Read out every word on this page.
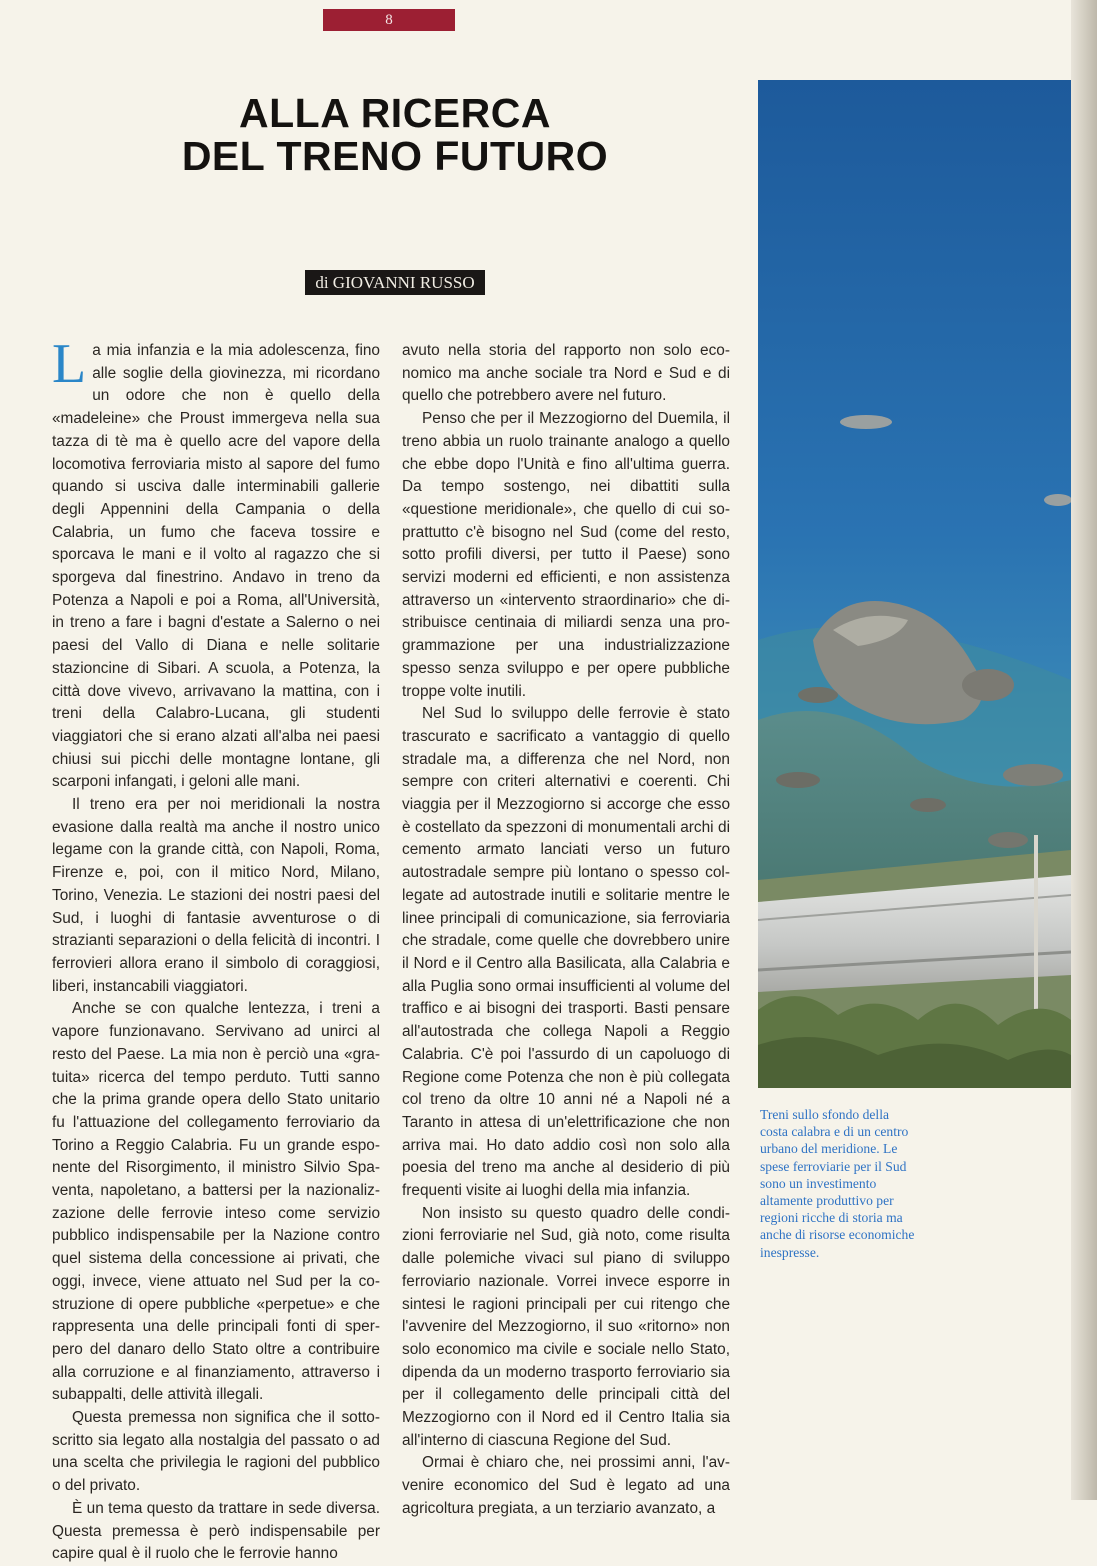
8
ALLA RICERCA
DEL TRENO FUTURO
di GIOVANNI RUSSO

La mia infanzia e la mia adolescenza, fino alle soglie della giovinezza, mi ricordano un odore che non è quello della «madeleine» che Proust immergeva nella sua tazza di tè ma è quello acre del vapore della locomotiva ferroviaria misto al sapore del fumo quando si usciva dalle interminabili gallerie degli Appennini della Campania o della Calabria, un fumo che faceva tossire e sporcava le mani e il volto al ragazzo che si sporgeva dal finestrino. Andavo in treno da Potenza a Napoli e poi a Roma, all'Università, in treno a fare i bagni d'estate a Salerno o nei paesi del Vallo di Diana e nelle solitarie stazioncine di Sibari. A scuola, a Potenza, la città dove vivevo, arrivavano la mattina, con i treni della Calabro-Lucana, gli studenti viaggiatori che si erano alzati all'alba nei paesi chiusi sui picchi delle montagne lontane, gli scarponi infangati, i geloni alle mani.

Il treno era per noi meridionali la nostra evasione dalla realtà ma anche il nostro unico legame con la grande città, con Napoli, Roma, Firenze e, poi, con il mitico Nord, Milano, Torino, Venezia. Le stazioni dei nostri paesi del Sud, i luoghi di fantasie avventurose o di strazianti separazioni o della felicità di incontri. I ferrovieri allora erano il simbolo di coraggiosi, liberi, instancabili viaggiatori.

Anche se con qualche lentezza, i treni a vapore funzionavano. Servivano ad unirci al resto del Paese. La mia non è perciò una «gratuita» ricerca del tempo perduto. Tutti sanno che la prima grande opera dello Stato unitario fu l'attuazione del collegamento ferroviario da Torino a Reggio Calabria. Fu un grande esponente del Risorgimento, il ministro Silvio Spaventa, napoletano, a battersi per la nazionalizzazione delle ferrovie inteso come servizio pubblico indispensabile per la Nazione contro quel sistema della concessione ai privati, che oggi, invece, viene attuato nel Sud per la costruzione di opere pubbliche «perpetue» e che rappresenta una delle principali fonti di sperpero del danaro dello Stato oltre a contribuire alla corruzione e al finanziamento, attraverso i subappalti, delle attività illegali.

Questa premessa non significa che il sottoscritto sia legato alla nostalgia del passato o ad una scelta che privilegia le ragioni del pubblico o del privato.

È un tema questo da trattare in sede diversa. Questa premessa è però indispensabile per capire qual è il ruolo che le ferrovie hanno

avuto nella storia del rapporto non solo economico ma anche sociale tra Nord e Sud e di quello che potrebbero avere nel futuro.

Penso che per il Mezzogiorno del Duemila, il treno abbia un ruolo trainante analogo a quello che ebbe dopo l'Unità e fino all'ultima guerra. Da tempo sostengo, nei dibattiti sulla «questione meridionale», che quello di cui soprattutto c'è bisogno nel Sud (come del resto, sotto profili diversi, per tutto il Paese) sono servizi moderni ed efficienti, e non assistenza attraverso un «intervento straordinario» che distribuisce centinaia di miliardi senza una programmazione per una industrializzazione spesso senza sviluppo e per opere pubbliche troppe volte inutili.

Nel Sud lo sviluppo delle ferrovie è stato trascurato e sacrificato a vantaggio di quello stradale ma, a differenza che nel Nord, non sempre con criteri alternativi e coerenti. Chi viaggia per il Mezzogiorno si accorge che esso è costellato da spezzoni di monumentali archi di cemento armato lanciati verso un futuro autostradale sempre più lontano o spesso collegate ad autostrade inutili e solitarie mentre le linee principali di comunicazione, sia ferroviaria che stradale, come quelle che dovrebbero unire il Nord e il Centro alla Basilicata, alla Calabria e alla Puglia sono ormai insufficienti al volume del traffico e ai bisogni dei trasporti. Basti pensare all'autostrada che collega Napoli a Reggio Calabria. C'è poi l'assurdo di un capoluogo di Regione come Potenza che non è più collegata col treno da oltre 10 anni né a Napoli né a Taranto in attesa di un'elettrificazione che non arriva mai. Ho dato addio così non solo alla poesia del treno ma anche al desiderio di più frequenti visite ai luoghi della mia infanzia.

Non insisto su questo quadro delle condizioni ferroviarie nel Sud, già noto, come risulta dalle polemiche vivaci sul piano di sviluppo ferroviario nazionale. Vorrei invece esporre in sintesi le ragioni principali per cui ritengo che l'avvenire del Mezzogiorno, il suo «ritorno» non solo economico ma civile e sociale nello Stato, dipenda da un moderno trasporto ferroviario sia per il collegamento delle principali città del Mezzogiorno con il Nord ed il Centro Italia sia all'interno di ciascuna Regione del Sud.

Ormai è chiaro che, nei prossimi anni, l'avvenire economico del Sud è legato ad una agricoltura pregiata, a un terziario avanzato, a

Treni sullo sfondo della costa calabra e di un centro urbano del meridione. Le spese ferroviarie per il Sud sono un investimento altamente produttivo per regioni ricche di storia ma anche di risorse economiche inespresse.
